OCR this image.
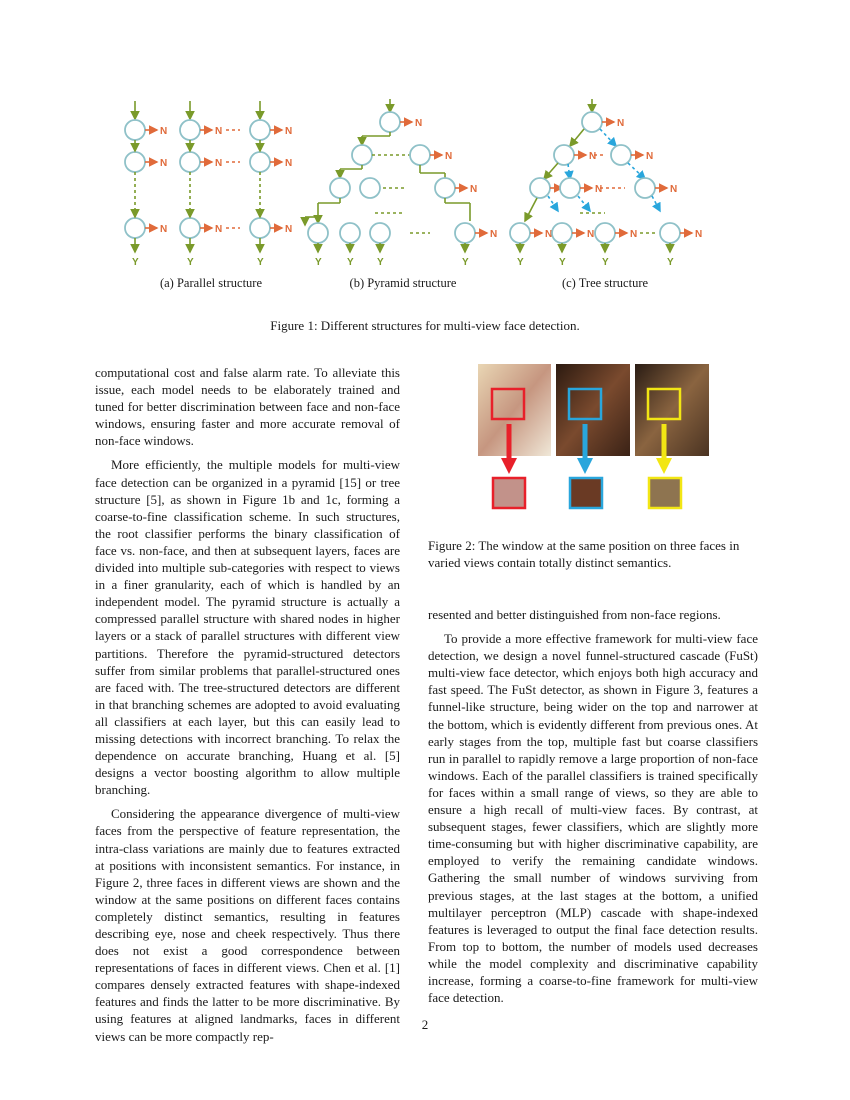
N
N
N
Y
N
N
N
Y
N
N
N
Y
N
N
N
N
Y	Y Y	Y
N
N	N
N	N
N	N	N	N
Y	Y	Y	Y
(a) Parallel structure	(b) Pyramid structure	(c) Tree structure
Figure 1: Different structures for multi-view face detection.

computational cost and false alarm rate. To alleviate this issue, each model needs to be elaborately trained and tuned for better discrimination between face and non-face windows, ensuring faster and more accurate removal of non-face windows.

More efficiently, the multiple models for multi-view face detection can be organized in a pyramid [15] or tree structure [5], as shown in Figure 1b and 1c, forming a coarse-to-fine classification scheme. In such structures, the root classifier performs the binary classification of face vs. non-face, and then at subsequent layers, faces are divided into multiple sub-categories with respect to views in a finer granularity, each of which is handled by an independent model. The pyramid structure is actually a compressed parallel structure with shared nodes in higher layers or a stack of parallel structures with different view partitions. Therefore the pyramid-structured detectors suffer from similar problems that parallel-structured ones are faced with. The tree-structured detectors are different in that branching schemes are adopted to avoid evaluating all classifiers at each layer, but this can easily lead to missing detections with incorrect branching. To relax the dependence on accurate branching, Huang et al. [5] designs a vector boosting algorithm to allow multiple branching.

Considering the appearance divergence of multi-view faces from the perspective of feature representation, the intra-class variations are mainly due to features extracted at positions with inconsistent semantics. For instance, in Figure 2, three faces in different views are shown and the window at the same positions on different faces contains completely distinct semantics, resulting in features describing eye, nose and cheek respectively. Thus there does not exist a good correspondence between representations of faces in different views. Chen et al. [1] compares densely extracted features with shape-indexed features and finds the latter to be more discriminative. By using features at aligned landmarks, faces in different views can be more compactly rep-

Figure 2: The window at the same position on three faces in varied views contain totally distinct semantics.

resented and better distinguished from non-face regions.

To provide a more effective framework for multi-view face detection, we design a novel funnel-structured cascade (FuSt) multi-view face detector, which enjoys both high accuracy and fast speed. The FuSt detector, as shown in Figure 3, features a funnel-like structure, being wider on the top and narrower at the bottom, which is evidently different from previous ones. At early stages from the top, multiple fast but coarse classifiers run in parallel to rapidly remove a large proportion of non-face windows. Each of the parallel classifiers is trained specifically for faces within a small range of views, so they are able to ensure a high recall of multi-view faces. By contrast, at subsequent stages, fewer classifiers, which are slightly more time-consuming but with higher discriminative capability, are employed to verify the remaining candidate windows. Gathering the small number of windows surviving from previous stages, at the last stages at the bottom, a unified multilayer perceptron (MLP) cascade with shape-indexed features is leveraged to output the final face detection results. From top to bottom, the number of models used decreases while the model complexity and discriminative capability increase, forming a coarse-to-fine framework for multi-view face detection.

2
